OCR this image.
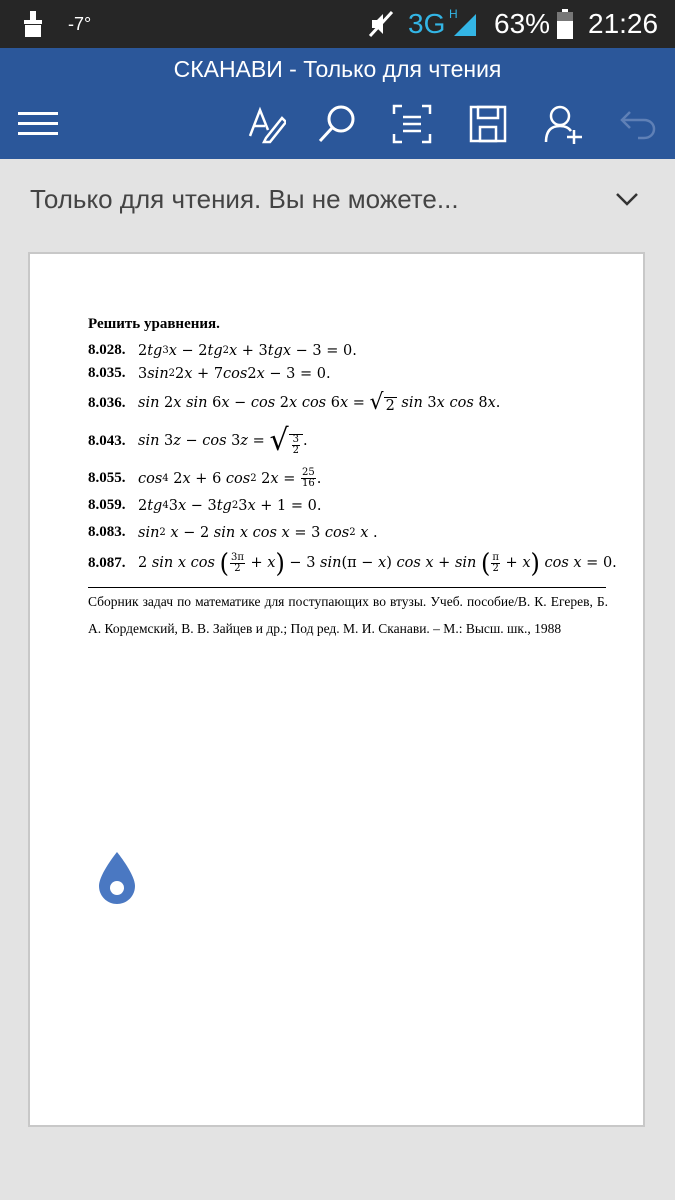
-7°	3G H 63% 21:26
СКАНАВИ - Только для чтения
Только для чтения. Вы не можете...
Решить уравнения.
8.028. 2 tg 3 x − 2 tg 2 x + 3 tgx − 3 = 0.
8.035. 3 sin 2 2 x + 7 cos 2 x − 3 = 0.
8.036. sin 2 x
sin 6 x − cos 2 x
cos 6 x = √ 2
sin 3 x
cos 8 x .
8.043. sin 3 z − cos 3 z = √ $\frac{3}{2}$ .
8.055. cos 4 2 x + 6 cos 2 2 $x = \frac{25}{16}$ .
8.059. 2 tg 4 3 x − 3 tg 2 3 x + 1 = 0.
8.083. sin 2
x − 2 sin
x
cos
x = 3 cos 2
x .
8.087. 2 sin
x
cos
( $\frac{3\pi}{2} + x$ ) − 3 sin (π − x ) cos
x + sin
( $\frac{\pi}{2} + x$ )
cos
x = 0.
Сборник задач по математике для поступающих во втузы. Учеб. пособие/В. К. Егерев, Б. А. Кордемский, В. В. Зайцев и др.; Под ред. М. И. Сканави. – М.: Высш. шк., 1988
